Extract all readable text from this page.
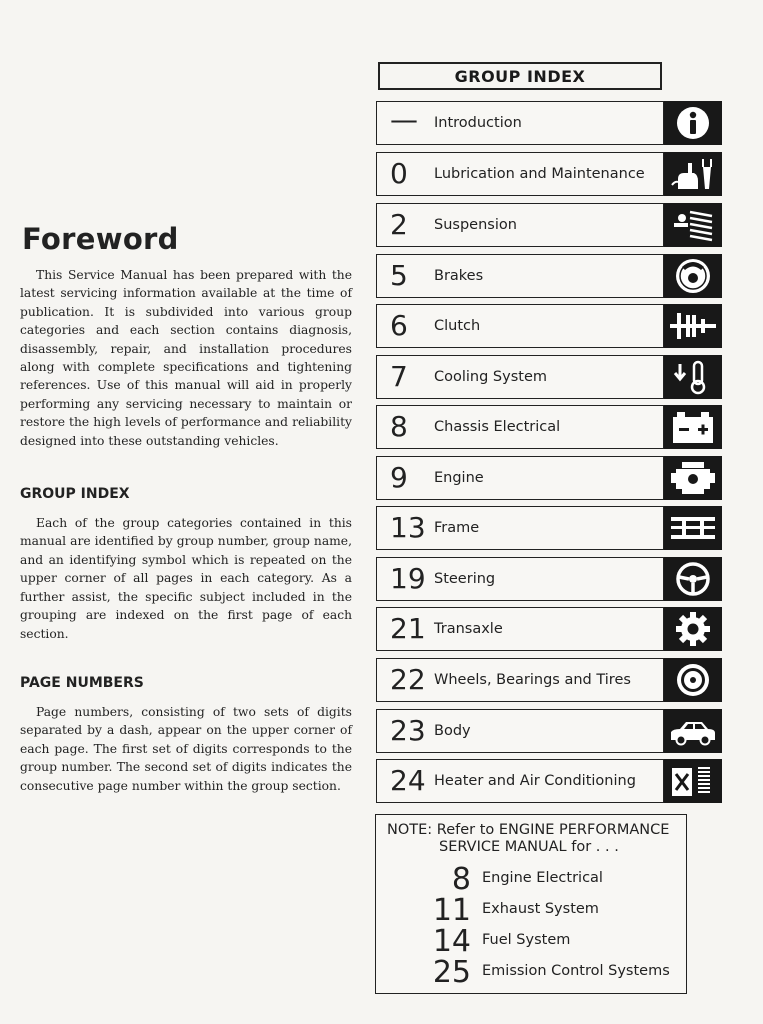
Foreword

This Service Manual has been prepared with the latest servicing information available at the time of publication. It is subdivided into various group categories and each section contains diagnosis, disassembly, repair, and installation procedures along with complete specifications and tightening references. Use of this manual will aid in properly performing any servicing necessary to maintain or restore the high levels of performance and reliability designed into these outstanding vehicles.

GROUP INDEX

Each of the group categories contained in this manual are identified by group number, group name, and an identifying symbol which is repeated on the upper corner of all pages in each category. As a further assist, the specific subject included in the grouping are indexed on the first page of each section.

PAGE NUMBERS

Page numbers, consisting of two sets of digits separated by a dash, appear on the upper corner of each page. The first set of digits corresponds to the group number. The second set of digits indicates the consecutive page number within the group section.

GROUP INDEX
—	Introduction
0	Lubrication and Maintenance
2	Suspension
5	Brakes
6	Clutch
7	Cooling System
8	Chassis Electrical
9	Engine
13 Frame
19 Steering
21 Transaxle
22 Wheels, Bearings and Tires
23 Body
24 Heater and Air Conditioning
NOTE: Refer to ENGINE PERFORMANCE
SERVICE MANUAL for . . .
8 Engine Electrical
11 Exhaust System
14 Fuel System
25 Emission Control Systems
